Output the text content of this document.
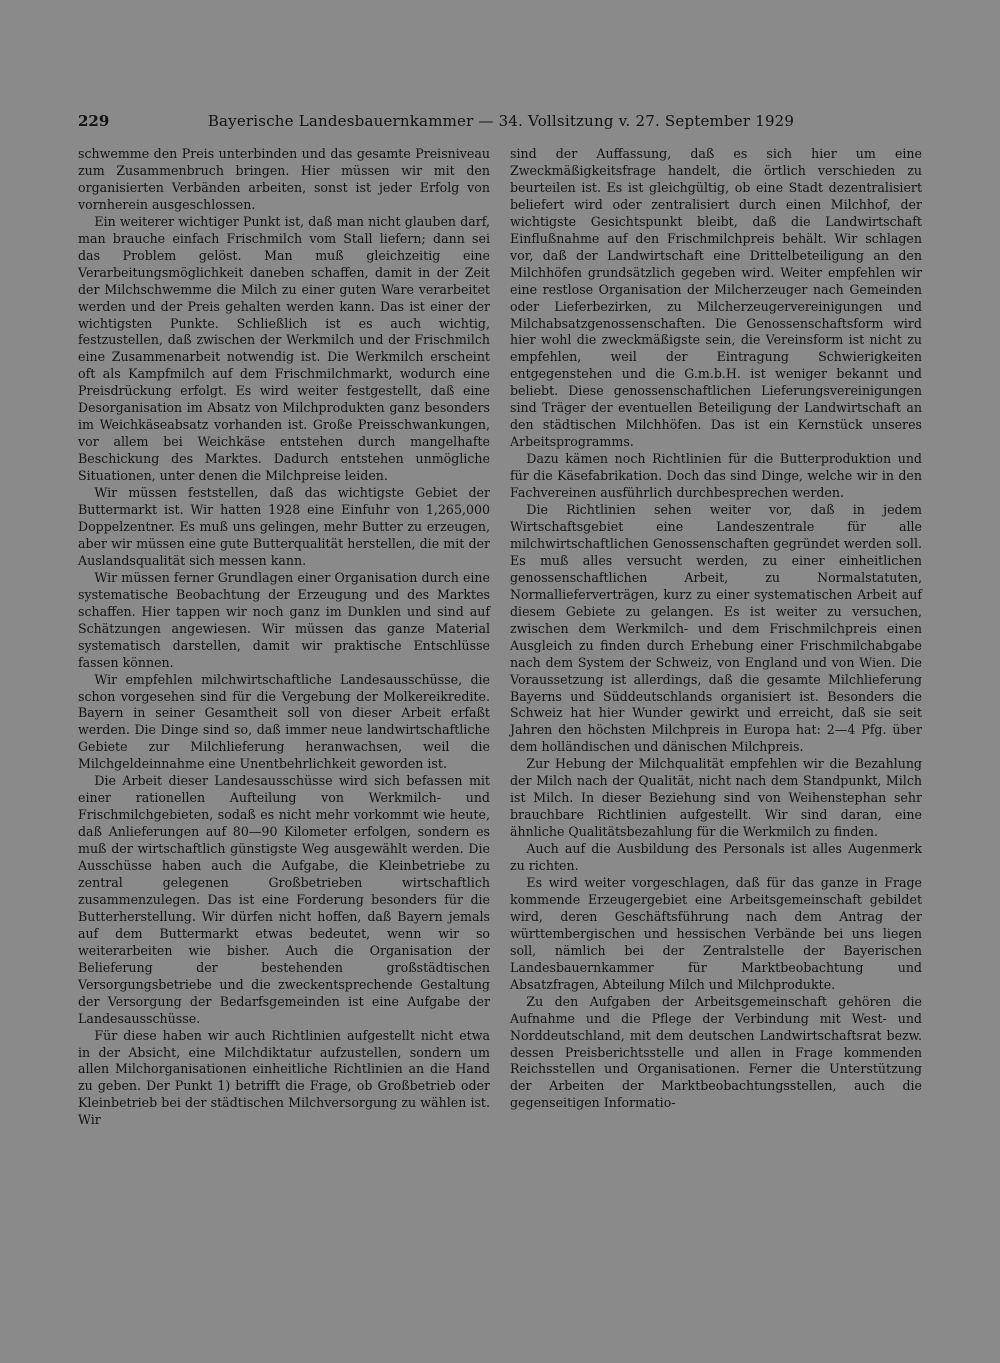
229	Bayerische Landesbauernkammer — 34. Vollsitzung v. 27. September 1929

schwemme den Preis unterbinden und das gesamte Preisniveau zum Zusammenbruch bringen. Hier müssen wir mit den organisierten Verbänden arbeiten, sonst ist jeder Erfolg von vornherein ausgeschlossen.

Ein weiterer wichtiger Punkt ist, daß man nicht glauben darf, man brauche einfach Frischmilch vom Stall liefern; dann sei das Problem gelöst. Man muß gleichzeitig eine Verarbeitungsmöglichkeit daneben schaffen, damit in der Zeit der Milchschwemme die Milch zu einer guten Ware verarbeitet werden und der Preis gehalten werden kann. Das ist einer der wichtigsten Punkte. Schließlich ist es auch wichtig, festzustellen, daß zwischen der Werkmilch und der Frischmilch eine Zusammenarbeit notwendig ist. Die Werkmilch erscheint oft als Kampfmilch auf dem Frischmilchmarkt, wodurch eine Preisdrückung erfolgt. Es wird weiter festgestellt, daß eine Desorganisation im Absatz von Milchprodukten ganz besonders im Weichkäseabsatz vorhanden ist. Große Preisschwankungen, vor allem bei Weichkäse entstehen durch mangelhafte Beschickung des Marktes. Dadurch entstehen unmögliche Situationen, unter denen die Milchpreise leiden.

Wir müssen feststellen, daß das wichtigste Gebiet der Buttermarkt ist. Wir hatten 1928 eine Einfuhr von 1,265,000 Doppelzentner. Es muß uns gelingen, mehr Butter zu erzeugen, aber wir müssen eine gute Butterqualität herstellen, die mit der Auslandsqualität sich messen kann.

Wir müssen ferner Grundlagen einer Organisation durch eine systematische Beobachtung der Erzeugung und des Marktes schaffen. Hier tappen wir noch ganz im Dunklen und sind auf Schätzungen angewiesen. Wir müssen das ganze Material systematisch darstellen, damit wir praktische Entschlüsse fassen können.

Wir empfehlen milchwirtschaftliche Landesausschüsse, die schon vorgesehen sind für die Vergebung der Molkereikredite. Bayern in seiner Gesamtheit soll von dieser Arbeit erfaßt werden. Die Dinge sind so, daß immer neue landwirtschaftliche Gebiete zur Milchlieferung heranwachsen, weil die Milchgeldeinnahme eine Unentbehrlichkeit geworden ist.

Die Arbeit dieser Landesausschüsse wird sich befassen mit einer rationellen Aufteilung von Werkmilch- und Frischmilchgebieten, sodaß es nicht mehr vorkommt wie heute, daß Anlieferungen auf 80—90 Kilometer erfolgen, sondern es muß der wirtschaftlich günstigste Weg ausgewählt werden. Die Ausschüsse haben auch die Aufgabe, die Kleinbetriebe zu zentral gelegenen Großbetrieben wirtschaftlich zusammenzulegen. Das ist eine Forderung besonders für die Butterherstellung. Wir dürfen nicht hoffen, daß Bayern jemals auf dem Buttermarkt etwas bedeutet, wenn wir so weiterarbeiten wie bisher. Auch die Organisation der Belieferung der bestehenden großstädtischen Versorgungsbetriebe und die zweckentsprechende Gestaltung der Versorgung der Bedarfsgemeinden ist eine Aufgabe der Landesausschüsse.

Für diese haben wir auch Richtlinien aufgestellt nicht etwa in der Absicht, eine Milchdiktatur aufzustellen, sondern um allen Milchorganisationen einheitliche Richtlinien an die Hand zu geben. Der Punkt 1) betrifft die Frage, ob Großbetrieb oder Kleinbetrieb bei der städtischen Milchversorgung zu wählen ist. Wir

sind der Auffassung, daß es sich hier um eine Zweckmäßigkeitsfrage handelt, die örtlich verschieden zu beurteilen ist. Es ist gleichgültig, ob eine Stadt dezentralisiert beliefert wird oder zentralisiert durch einen Milchhof, der wichtigste Gesichtspunkt bleibt, daß die Landwirtschaft Einflußnahme auf den Frischmilchpreis behält. Wir schlagen vor, daß der Landwirtschaft eine Drittelbeteiligung an den Milchhöfen grundsätzlich gegeben wird. Weiter empfehlen wir eine restlose Organisation der Milcherzeuger nach Gemeinden oder Lieferbezirken, zu Milcherzeugervereinigungen und Milchabsatzgenossenschaften. Die Genossenschaftsform wird hier wohl die zweckmäßigste sein, die Vereinsform ist nicht zu empfehlen, weil der Eintragung Schwierigkeiten entgegenstehen und die G.m.b.H. ist weniger bekannt und beliebt. Diese genossenschaftlichen Lieferungsvereinigungen sind Träger der eventuellen Beteiligung der Landwirtschaft an den städtischen Milchhöfen. Das ist ein Kernstück unseres Arbeitsprogramms.

Dazu kämen noch Richtlinien für die Butterproduktion und für die Käsefabrikation. Doch das sind Dinge, welche wir in den Fachvereinen ausführlich durchbesprechen werden.

Die Richtlinien sehen weiter vor, daß in jedem Wirtschaftsgebiet eine Landeszentrale für alle milchwirtschaftlichen Genossenschaften gegründet werden soll. Es muß alles versucht werden, zu einer einheitlichen genossenschaftlichen Arbeit, zu Normalstatuten, Normallieferverträgen, kurz zu einer systematischen Arbeit auf diesem Gebiete zu gelangen. Es ist weiter zu versuchen, zwischen dem Werkmilch- und dem Frischmilchpreis einen Ausgleich zu finden durch Erhebung einer Frischmilchabgabe nach dem System der Schweiz, von England und von Wien. Die Voraussetzung ist allerdings, daß die gesamte Milchlieferung Bayerns und Süddeutschlands organisiert ist. Besonders die Schweiz hat hier Wunder gewirkt und erreicht, daß sie seit Jahren den höchsten Milchpreis in Europa hat: 2—4 Pfg. über dem holländischen und dänischen Milchpreis.

Zur Hebung der Milchqualität empfehlen wir die Bezahlung der Milch nach der Qualität, nicht nach dem Standpunkt, Milch ist Milch. In dieser Beziehung sind von Weihenstephan sehr brauchbare Richtlinien aufgestellt. Wir sind daran, eine ähnliche Qualitätsbezahlung für die Werkmilch zu finden.

Auch auf die Ausbildung des Personals ist alles Augenmerk zu richten.

Es wird weiter vorgeschlagen, daß für das ganze in Frage kommende Erzeugergebiet eine Arbeitsgemeinschaft gebildet wird, deren Geschäftsführung nach dem Antrag der württembergischen und hessischen Verbände bei uns liegen soll, nämlich bei der Zentralstelle der Bayerischen Landesbauernkammer für Marktbeobachtung und Absatzfragen, Abteilung Milch und Milchprodukte.

Zu den Aufgaben der Arbeitsgemeinschaft gehören die Aufnahme und die Pflege der Verbindung mit West- und Norddeutschland, mit dem deutschen Landwirtschaftsrat bezw. dessen Preisberichtsstelle und allen in Frage kommenden Reichsstellen und Organisationen. Ferner die Unterstützung der Arbeiten der Marktbeobachtungsstellen, auch die gegenseitigen Informatio-
